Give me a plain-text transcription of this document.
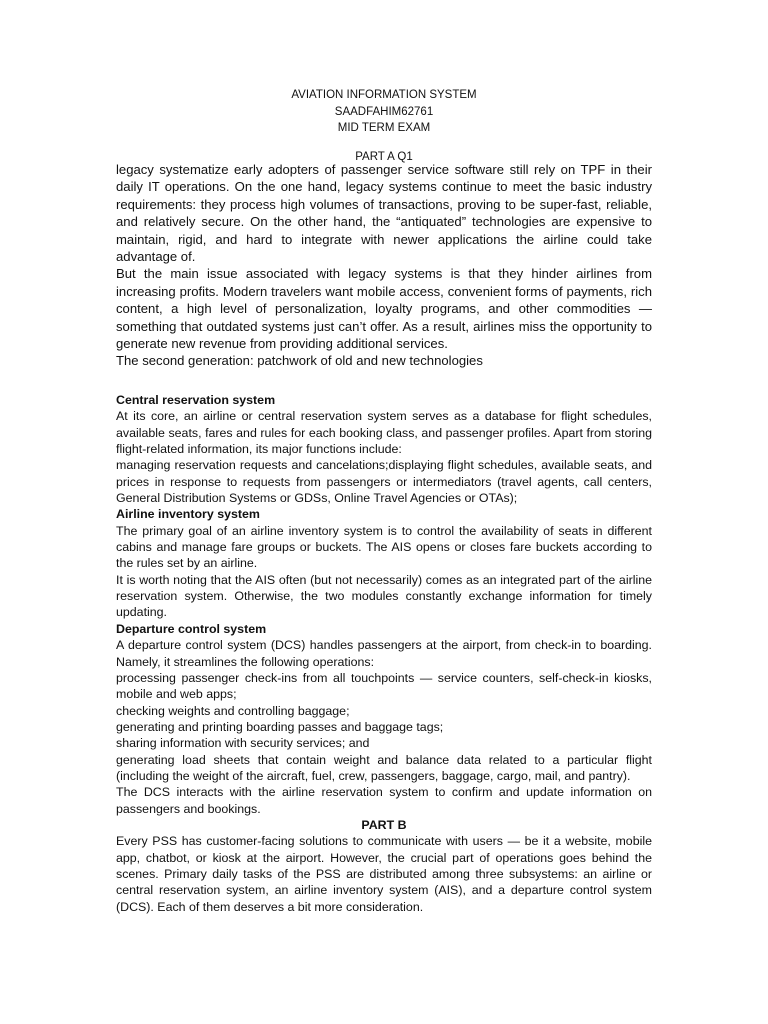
AVIATION INFORMATION SYSTEM
SAADFAHIM62761
MID TERM EXAM
PART A Q1

legacy systematize early adopters of passenger service software still rely on TPF in their daily IT operations. On the one hand, legacy systems continue to meet the basic industry requirements: they process high volumes of transactions, proving to be super-fast, reliable, and relatively secure. On the other hand, the “antiquated” technologies are expensive to maintain, rigid, and hard to integrate with newer applications the airline could take advantage of.

But the main issue associated with legacy systems is that they hinder airlines from increasing profits. Modern travelers want mobile access, convenient forms of payments, rich content, a high level of personalization, loyalty programs, and other commodities — something that outdated systems just can’t offer. As a result, airlines miss the opportunity to generate new revenue from providing additional services.

The second generation: patchwork of old and new technologies

Central reservation system

At its core, an airline or central reservation system serves as a database for flight schedules, available seats, fares and rules for each booking class, and passenger profiles. Apart from storing flight-related information, its major functions include:

managing reservation requests and cancelations;displaying flight schedules, available seats, and prices in response to requests from passengers or intermediators (travel agents, call centers, General Distribution Systems or GDSs, Online Travel Agencies or OTAs);

Airline inventory system

The primary goal of an airline inventory system is to control the availability of seats in different cabins and manage fare groups or buckets. The AIS opens or closes fare buckets according to the rules set by an airline.

It is worth noting that the AIS often (but not necessarily) comes as an integrated part of the airline reservation system. Otherwise, the two modules constantly exchange information for timely updating.

Departure control system

A departure control system (DCS) handles passengers at the airport, from check-in to boarding. Namely, it streamlines the following operations:

processing passenger check-ins from all touchpoints — service counters, self-check-in kiosks, mobile and web apps;

checking weights and controlling baggage;

generating and printing boarding passes and baggage tags;

sharing information with security services; and

generating load sheets that contain weight and balance data related to a particular flight (including the weight of the aircraft, fuel, crew, passengers, baggage, cargo, mail, and pantry).

The DCS interacts with the airline reservation system to confirm and update information on passengers and bookings.

PART B

Every PSS has customer-facing solutions to communicate with users — be it a website, mobile app, chatbot, or kiosk at the airport. However, the crucial part of operations goes behind the scenes. Primary daily tasks of the PSS are distributed among three subsystems: an airline or central reservation system, an airline inventory system (AIS), and a departure control system (DCS). Each of them deserves a bit more consideration.
